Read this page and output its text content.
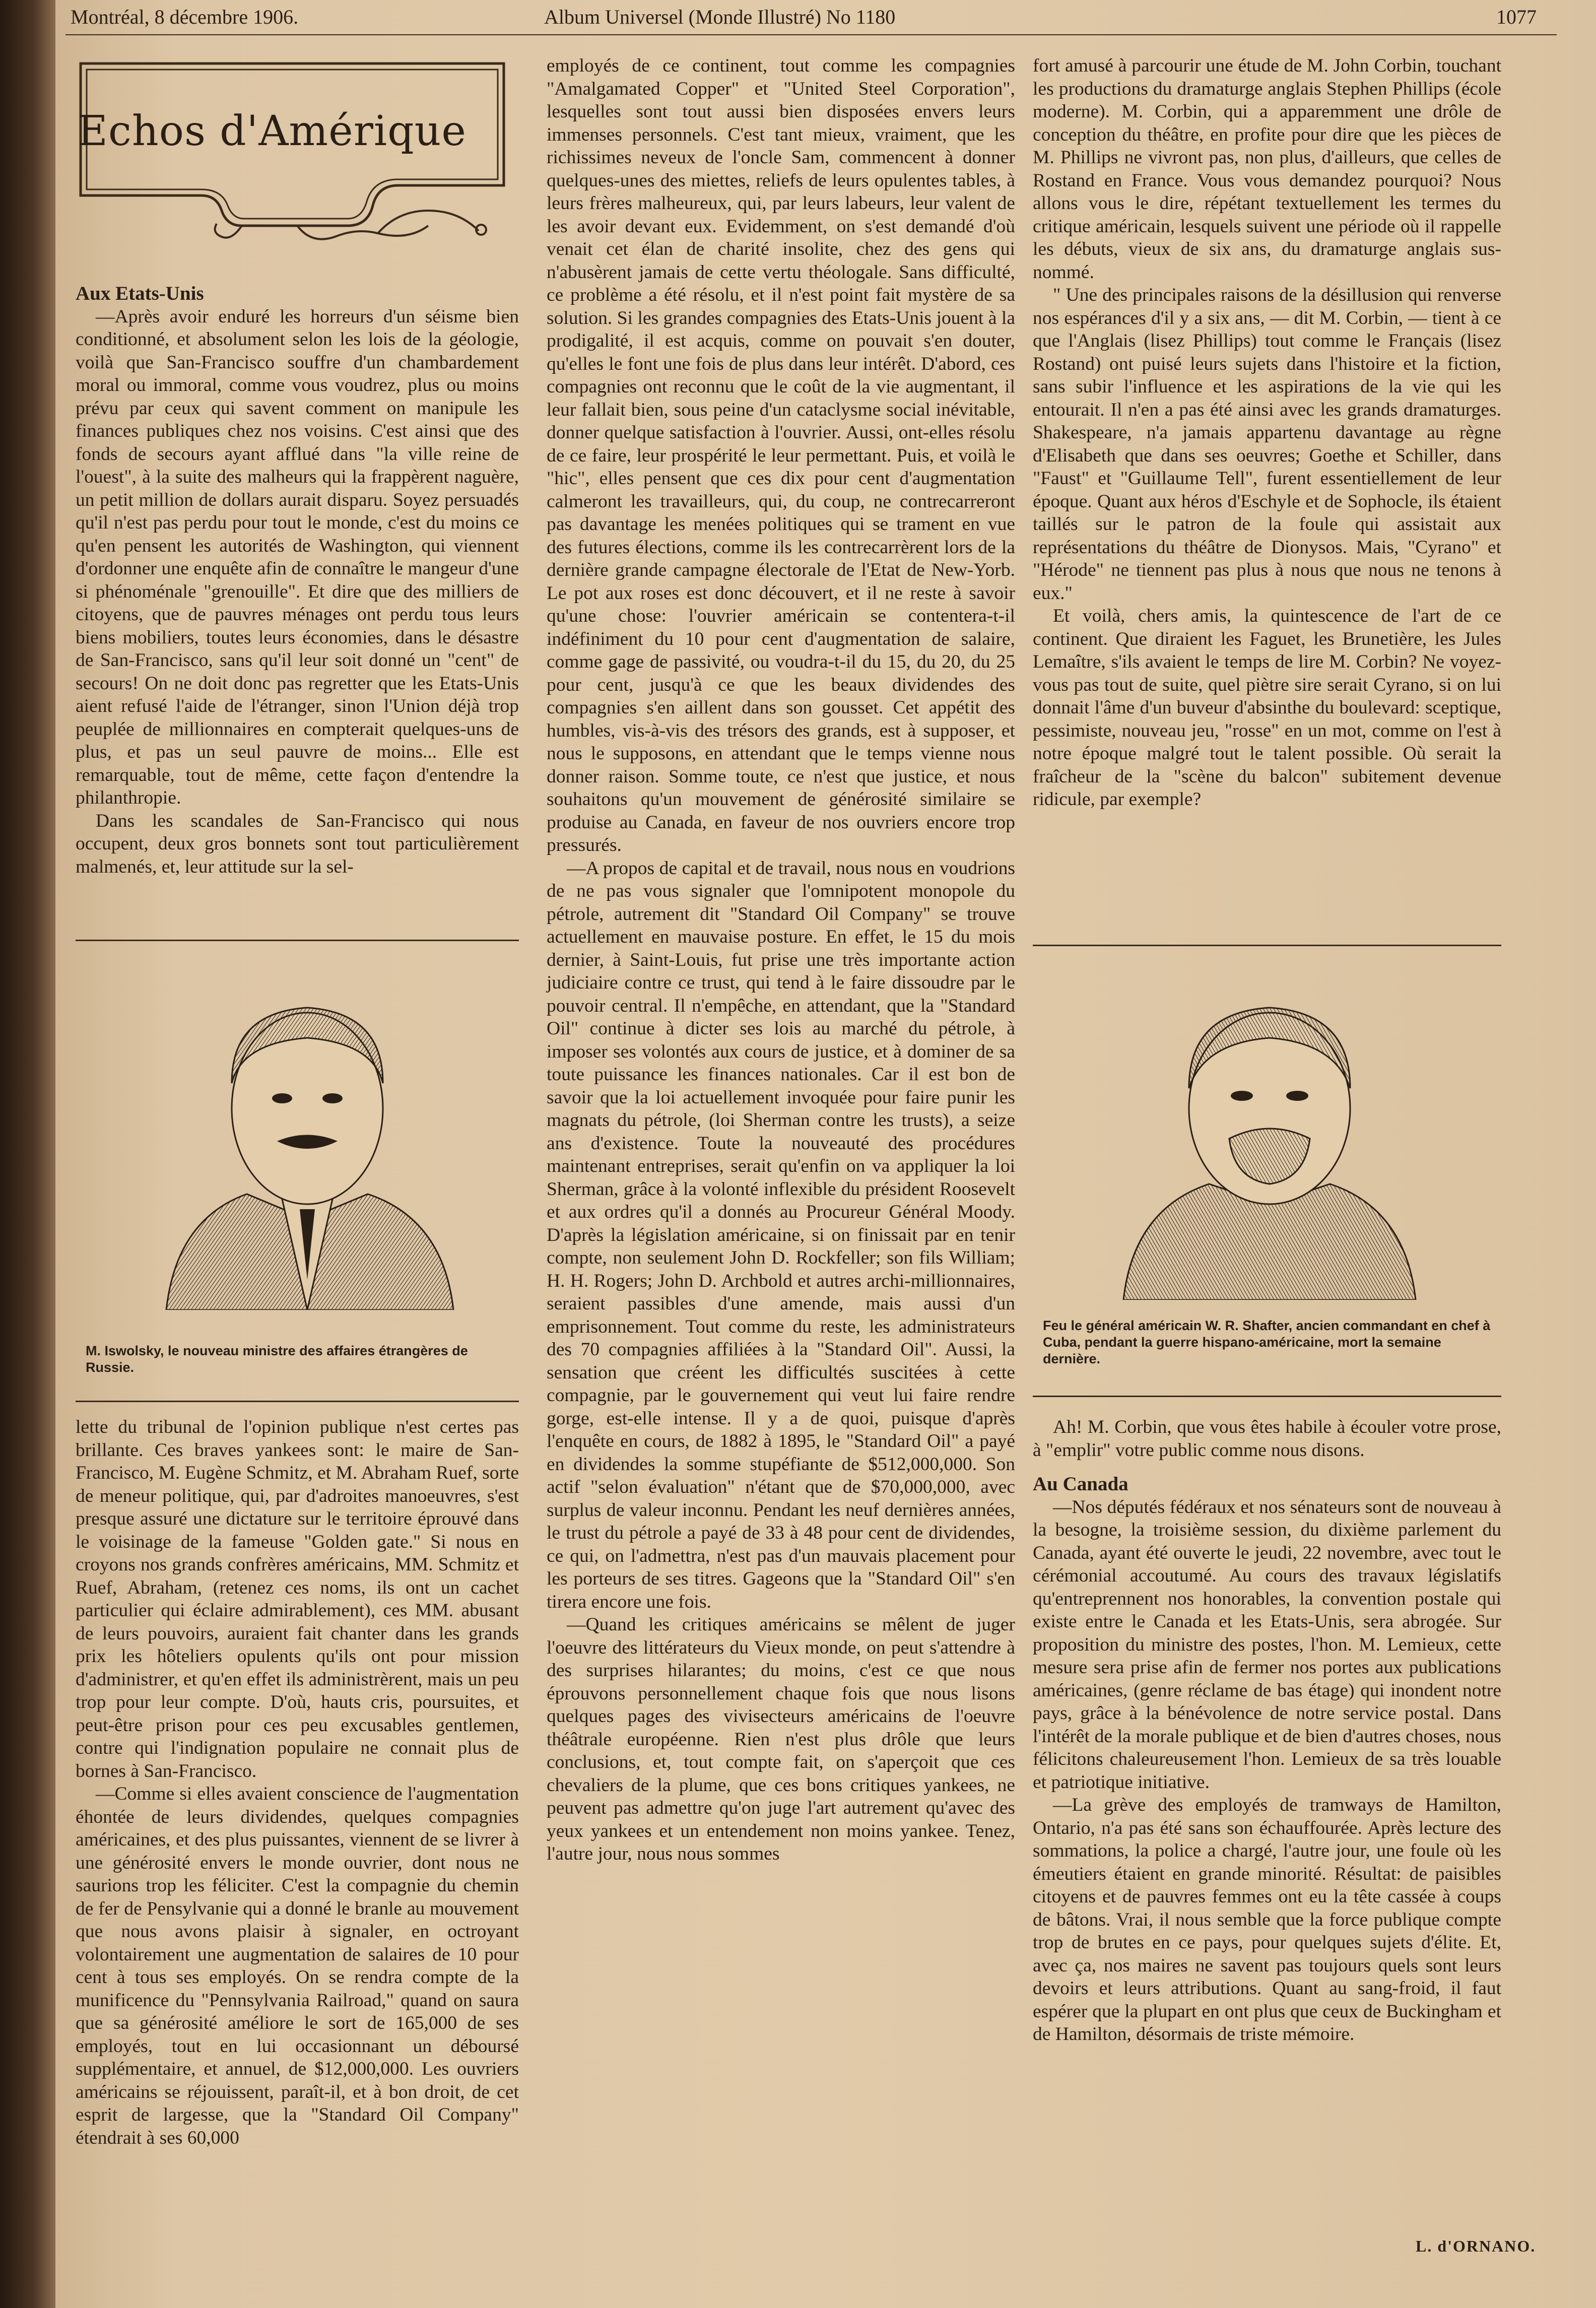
Montréal, 8 décembre 1906.	Album Universel (Monde Illustré) No 1180	1077
Echos d'Amérique

Aux Etats-Unis

—Après avoir enduré les horreurs d'un séisme bien conditionné, et absolument selon les lois de la géologie, voilà que San-Francisco souffre d'un chambardement moral ou immoral, comme vous voudrez, plus ou moins prévu par ceux qui savent comment on manipule les finances publiques chez nos voisins. C'est ainsi que des fonds de secours ayant afflué dans "la ville reine de l'ouest", à la suite des malheurs qui la frappèrent naguère, un petit million de dollars aurait disparu. Soyez persuadés qu'il n'est pas perdu pour tout le monde, c'est du moins ce qu'en pensent les autorités de Washington, qui viennent d'ordonner une enquête afin de connaître le mangeur d'une si phénoménale "grenouille". Et dire que des milliers de citoyens, que de pauvres ménages ont perdu tous leurs biens mobiliers, toutes leurs économies, dans le désastre de San-Francisco, sans qu'il leur soit donné un "cent" de secours! On ne doit donc pas regretter que les Etats-Unis aient refusé l'aide de l'étranger, sinon l'Union déjà trop peuplée de millionnaires en compterait quelques-uns de plus, et pas un seul pauvre de moins... Elle est remarquable, tout de même, cette façon d'entendre la philanthropie.

Dans les scandales de San-Francisco qui nous occupent, deux gros bonnets sont tout particulièrement malmenés, et, leur attitude sur la sel-

M. Iswolsky, le nouveau ministre des affaires étrangères de Russie.

lette du tribunal de l'opinion publique n'est certes pas brillante. Ces braves yankees sont: le maire de San-Francisco, M. Eugène Schmitz, et M. Abraham Ruef, sorte de meneur politique, qui, par d'adroites manoeuvres, s'est presque assuré une dictature sur le territoire éprouvé dans le voisinage de la fameuse "Golden gate." Si nous en croyons nos grands confrères américains, MM. Schmitz et Ruef, Abraham, (retenez ces noms, ils ont un cachet particulier qui éclaire admirablement), ces MM. abusant de leurs pouvoirs, auraient fait chanter dans les grands prix les hôteliers opulents qu'ils ont pour mission d'administrer, et qu'en effet ils administrèrent, mais un peu trop pour leur compte. D'où, hauts cris, poursuites, et peut-être prison pour ces peu excusables gentlemen, contre qui l'indignation populaire ne connait plus de bornes à San-Francisco.

—Comme si elles avaient conscience de l'augmentation éhontée de leurs dividendes, quelques compagnies américaines, et des plus puissantes, viennent de se livrer à une générosité envers le monde ouvrier, dont nous ne saurions trop les féliciter. C'est la compagnie du chemin de fer de Pensylvanie qui a donné le branle au mouvement que nous avons plaisir à signaler, en octroyant volontairement une augmentation de salaires de 10 pour cent à tous ses employés. On se rendra compte de la munificence du "Pennsylvania Railroad," quand on saura que sa générosité améliore le sort de 165,000 de ses employés, tout en lui occasionnant un déboursé supplémentaire, et annuel, de $12,000,000. Les ouvriers américains se réjouissent, paraît-il, et à bon droit, de cet esprit de largesse, que la "Standard Oil Company" étendrait à ses 60,000

employés de ce continent, tout comme les compagnies "Amalgamated Copper" et "United Steel Corporation", lesquelles sont tout aussi bien disposées envers leurs immenses personnels. C'est tant mieux, vraiment, que les richissimes neveux de l'oncle Sam, commencent à donner quelques-unes des miettes, reliefs de leurs opulentes tables, à leurs frères malheureux, qui, par leurs labeurs, leur valent de les avoir devant eux. Evidemment, on s'est demandé d'où venait cet élan de charité insolite, chez des gens qui n'abusèrent jamais de cette vertu théologale. Sans difficulté, ce problème a été résolu, et il n'est point fait mystère de sa solution. Si les grandes compagnies des Etats-Unis jouent à la prodigalité, il est acquis, comme on pouvait s'en douter, qu'elles le font une fois de plus dans leur intérêt. D'abord, ces compagnies ont reconnu que le coût de la vie augmentant, il leur fallait bien, sous peine d'un cataclysme social inévitable, donner quelque satisfaction à l'ouvrier. Aussi, ont-elles résolu de ce faire, leur prospérité le leur permettant. Puis, et voilà le "hic", elles pensent que ces dix pour cent d'augmentation calmeront les travailleurs, qui, du coup, ne contrecarreront pas davantage les menées politiques qui se trament en vue des futures élections, comme ils les contrecarrèrent lors de la dernière grande campagne électorale de l'Etat de New-Yorb. Le pot aux roses est donc découvert, et il ne reste à savoir qu'une chose: l'ouvrier américain se contentera-t-il indéfiniment du 10 pour cent d'augmentation de salaire, comme gage de passivité, ou voudra-t-il du 15, du 20, du 25 pour cent, jusqu'à ce que les beaux dividendes des compagnies s'en aillent dans son gousset. Cet appétit des humbles, vis-à-vis des trésors des grands, est à supposer, et nous le supposons, en attendant que le temps vienne nous donner raison. Somme toute, ce n'est que justice, et nous souhaitons qu'un mouvement de générosité similaire se produise au Canada, en faveur de nos ouvriers encore trop pressurés.

—A propos de capital et de travail, nous nous en voudrions de ne pas vous signaler que l'omnipotent monopole du pétrole, autrement dit "Standard Oil Company" se trouve actuellement en mauvaise posture. En effet, le 15 du mois dernier, à Saint-Louis, fut prise une très importante action judiciaire contre ce trust, qui tend à le faire dissoudre par le pouvoir central. Il n'empêche, en attendant, que la "Standard Oil" continue à dicter ses lois au marché du pétrole, à imposer ses volontés aux cours de justice, et à dominer de sa toute puissance les finances nationales. Car il est bon de savoir que la loi actuellement invoquée pour faire punir les magnats du pétrole, (loi Sherman contre les trusts), a seize ans d'existence. Toute la nouveauté des procédures maintenant entreprises, serait qu'enfin on va appliquer la loi Sherman, grâce à la volonté inflexible du président Roosevelt et aux ordres qu'il a donnés au Procureur Général Moody. D'après la législation américaine, si on finissait par en tenir compte, non seulement John D. Rockfeller; son fils William; H. H. Rogers; John D. Archbold et autres archi-millionnaires, seraient passibles d'une amende, mais aussi d'un emprisonnement. Tout comme du reste, les administrateurs des 70 compagnies affiliées à la "Standard Oil". Aussi, la sensation que créent les difficultés suscitées à cette compagnie, par le gouvernement qui veut lui faire rendre gorge, est-elle intense. Il y a de quoi, puisque d'après l'enquête en cours, de 1882 à 1895, le "Standard Oil" a payé en dividendes la somme stupéfiante de $512,000,000. Son actif "selon évaluation" n'étant que de $70,000,000, avec surplus de valeur inconnu. Pendant les neuf dernières années, le trust du pétrole a payé de 33 à 48 pour cent de dividendes, ce qui, on l'admettra, n'est pas d'un mauvais placement pour les porteurs de ses titres. Gageons que la "Standard Oil" s'en tirera encore une fois.

—Quand les critiques américains se mêlent de juger l'oeuvre des littérateurs du Vieux monde, on peut s'attendre à des surprises hilarantes; du moins, c'est ce que nous éprouvons personnellement chaque fois que nous lisons quelques pages des vivisecteurs américains de l'oeuvre théâtrale européenne. Rien n'est plus drôle que leurs conclusions, et, tout compte fait, on s'aperçoit que ces chevaliers de la plume, que ces bons critiques yankees, ne peuvent pas admettre qu'on juge l'art autrement qu'avec des yeux yankees et un entendement non moins yankee. Tenez, l'autre jour, nous nous sommes

fort amusé à parcourir une étude de M. John Corbin, touchant les productions du dramaturge anglais Stephen Phillips (école moderne). M. Corbin, qui a apparemment une drôle de conception du théâtre, en profite pour dire que les pièces de M. Phillips ne vivront pas, non plus, d'ailleurs, que celles de Rostand en France. Vous vous demandez pourquoi? Nous allons vous le dire, répétant textuellement les termes du critique américain, lesquels suivent une période où il rappelle les débuts, vieux de six ans, du dramaturge anglais sus-nommé.

" Une des principales raisons de la désillusion qui renverse nos espérances d'il y a six ans, — dit M. Corbin, — tient à ce que l'Anglais (lisez Phillips) tout comme le Français (lisez Rostand) ont puisé leurs sujets dans l'histoire et la fiction, sans subir l'influence et les aspirations de la vie qui les entourait. Il n'en a pas été ainsi avec les grands dramaturges. Shakespeare, n'a jamais appartenu davantage au règne d'Elisabeth que dans ses oeuvres; Goethe et Schiller, dans "Faust" et "Guillaume Tell", furent essentiellement de leur époque. Quant aux héros d'Eschyle et de Sophocle, ils étaient taillés sur le patron de la foule qui assistait aux représentations du théâtre de Dionysos. Mais, "Cyrano" et "Hérode" ne tiennent pas plus à nous que nous ne tenons à eux."

Et voilà, chers amis, la quintescence de l'art de ce continent. Que diraient les Faguet, les Brunetière, les Jules Lemaître, s'ils avaient le temps de lire M. Corbin? Ne voyez-vous pas tout de suite, quel piètre sire serait Cyrano, si on lui donnait l'âme d'un buveur d'absinthe du boulevard: sceptique, pessimiste, nouveau jeu, "rosse" en un mot, comme on l'est à notre époque malgré tout le talent possible. Où serait la fraîcheur de la "scène du balcon" subitement devenue ridicule, par exemple?

Feu le général américain W. R. Shafter, ancien commandant en chef à Cuba, pendant la guerre hispano-américaine, mort la semaine dernière.

Ah! M. Corbin, que vous êtes habile à écouler votre prose, à "emplir" votre public comme nous disons.

Au Canada

—Nos députés fédéraux et nos sénateurs sont de nouveau à la besogne, la troisième session, du dixième parlement du Canada, ayant été ouverte le jeudi, 22 novembre, avec tout le cérémonial accoutumé. Au cours des travaux législatifs qu'entreprennent nos honorables, la convention postale qui existe entre le Canada et les Etats-Unis, sera abrogée. Sur proposition du ministre des postes, l'hon. M. Lemieux, cette mesure sera prise afin de fermer nos portes aux publications américaines, (genre réclame de bas étage) qui inondent notre pays, grâce à la bénévolence de notre service postal. Dans l'intérêt de la morale publique et de bien d'autres choses, nous félicitons chaleureusement l'hon. Lemieux de sa très louable et patriotique initiative.

—La grève des employés de tramways de Hamilton, Ontario, n'a pas été sans son échauffourée. Après lecture des sommations, la police a chargé, l'autre jour, une foule où les émeutiers étaient en grande minorité. Résultat: de paisibles citoyens et de pauvres femmes ont eu la tête cassée à coups de bâtons. Vrai, il nous semble que la force publique compte trop de brutes en ce pays, pour quelques sujets d'élite. Et, avec ça, nos maires ne savent pas toujours quels sont leurs devoirs et leurs attributions. Quant au sang-froid, il faut espérer que la plupart en ont plus que ceux de Buckingham et de Hamilton, désormais de triste mémoire.

L. d'ORNANO.
